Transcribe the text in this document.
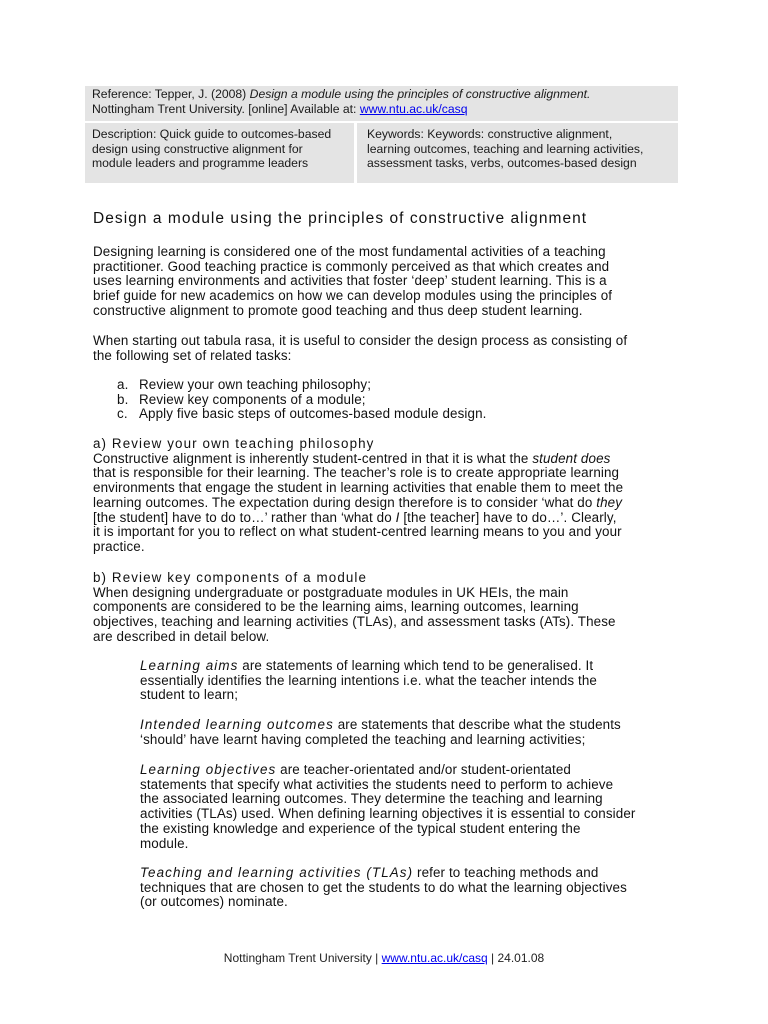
Reference: Tepper, J. (2008) Design a module using the principles of constructive alignment.
Nottingham Trent University. [online] Available at: www.ntu.ac.uk/casq
Description: Quick guide to outcomes-based
design using constructive alignment for
module leaders and programme leaders
Keywords: Keywords: constructive alignment,
learning outcomes, teaching and learning activities,
assessment tasks, verbs, outcomes-based design
Design a module using the principles of constructive alignment

Designing learning is considered one of the most fundamental activities of a teaching
practitioner. Good teaching practice is commonly perceived as that which creates and
uses learning environments and activities that foster ‘deep’ student learning. This is a
brief guide for new academics on how we can develop modules using the principles of
constructive alignment to promote good teaching and thus deep student learning.

When starting out tabula rasa, it is useful to consider the design process as consisting of
the following set of related tasks:

a. Review your own teaching philosophy;
b. Review key components of a module;
c. Apply five basic steps of outcomes-based module design.

a) Review your own teaching philosophy
Constructive alignment is inherently student-centred in that it is what the student does
that is responsible for their learning. The teacher’s role is to create appropriate learning
environments that engage the student in learning activities that enable them to meet the
learning outcomes. The expectation during design therefore is to consider ‘what do they
[the student] have to do to…’ rather than ‘what do I [the teacher] have to do…’. Clearly,
it is important for you to reflect on what student-centred learning means to you and your
practice.

b) Review key components of a module
When designing undergraduate or postgraduate modules in UK HEIs, the main
components are considered to be the learning aims, learning outcomes, learning
objectives, teaching and learning activities (TLAs), and assessment tasks (ATs). These
are described in detail below.

Learning aims are statements of learning which tend to be generalised. It
essentially identifies the learning intentions i.e. what the teacher intends the
student to learn;

Intended learning outcomes are statements that describe what the students
‘should’ have learnt having completed the teaching and learning activities;

Learning objectives are teacher-orientated and/or student-orientated
statements that specify what activities the students need to perform to achieve
the associated learning outcomes. They determine the teaching and learning
activities (TLAs) used. When defining learning objectives it is essential to consider
the existing knowledge and experience of the typical student entering the
module.

Teaching and learning activities (TLAs) refer to teaching methods and
techniques that are chosen to get the students to do what the learning objectives
(or outcomes) nominate.

Nottingham Trent University | www.ntu.ac.uk/casq | 24.01.08
